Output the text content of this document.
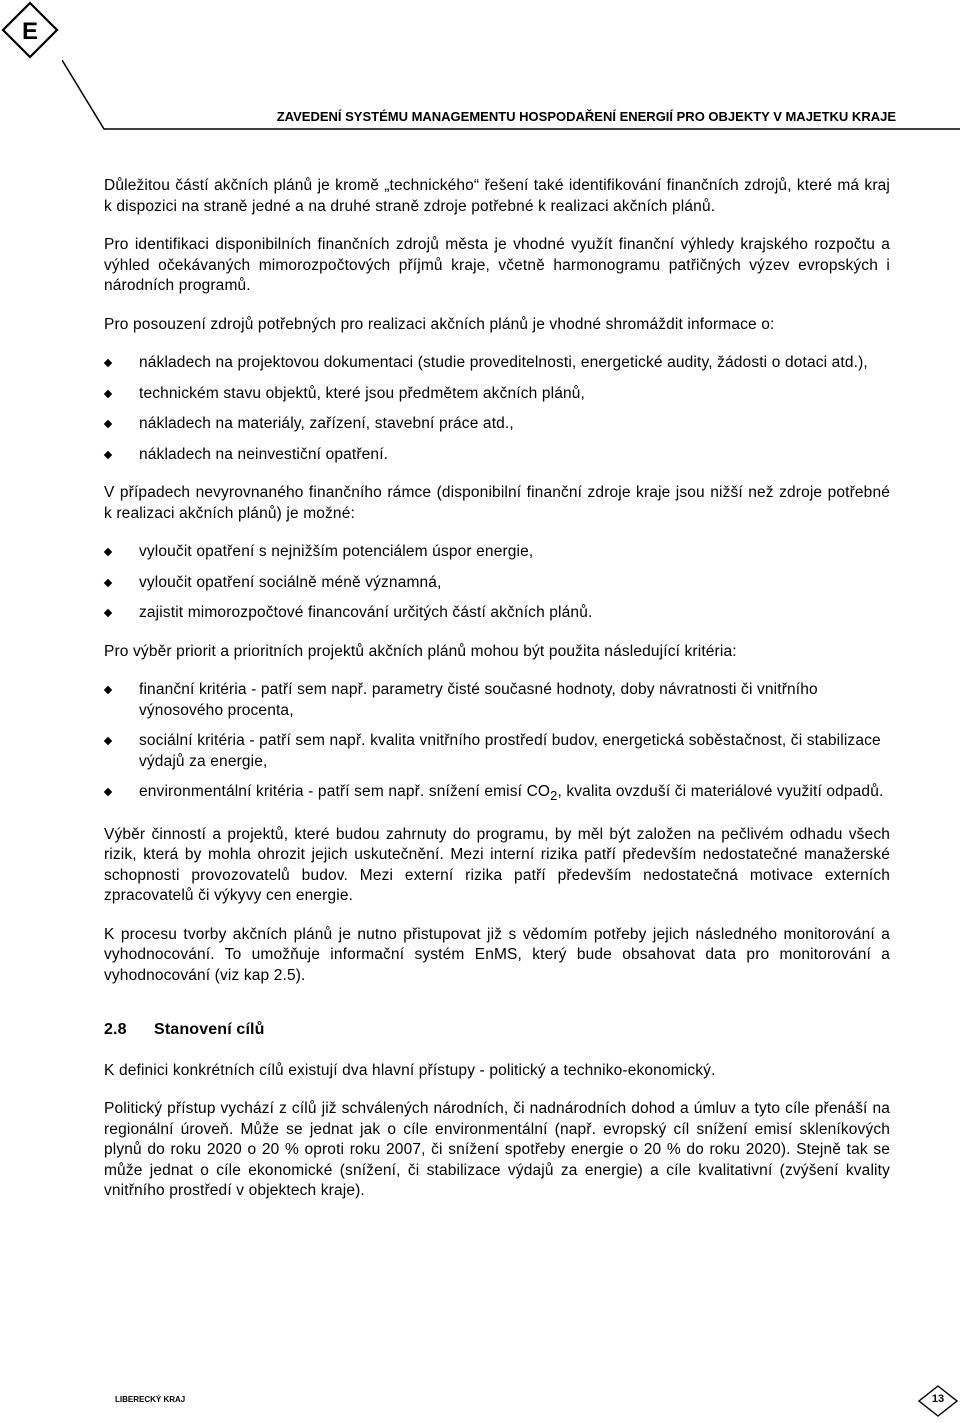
E
ZAVEDENÍ SYSTÉMU MANAGEMENTU HOSPODAŘENÍ ENERGIÍ PRO OBJEKTY V MAJETKU KRAJE

Důležitou částí akčních plánů je kromě „technického“ řešení také identifikování finančních zdrojů, které má kraj k dispozici na straně jedné a na druhé straně zdroje potřebné k realizaci akčních plánů.

Pro identifikaci disponibilních finančních zdrojů města je vhodné využít finanční výhledy krajského rozpočtu a výhled očekávaných mimorozpočtových příjmů kraje, včetně harmonogramu patřičných výzev evropských i národních programů.

Pro posouzení zdrojů potřebných pro realizaci akčních plánů je vhodné shromáždit informace o:

nákladech na projektovou dokumentaci (studie proveditelnosti, energetické audity, žádosti o dotaci atd.),
technickém stavu objektů, které jsou předmětem akčních plánů,
nákladech na materiály, zařízení, stavební práce atd.,
nákladech na neinvestiční opatření.

V případech nevyrovnaného finančního rámce (disponibilní finanční zdroje kraje jsou nižší než zdroje potřebné k realizaci akčních plánů) je možné:

vyloučit opatření s nejnižším potenciálem úspor energie,
vyloučit opatření sociálně méně významná,
zajistit mimorozpočtové financování určitých částí akčních plánů.

Pro výběr priorit a prioritních projektů akčních plánů mohou být použita následující kritéria:

finanční kritéria - patří sem např. parametry čisté současné hodnoty, doby návratnosti či vnitřního výnosového procenta,
sociální kritéria - patří sem např. kvalita vnitřního prostředí budov, energetická soběstačnost, či stabilizace výdajů za energie,
environmentální kritéria - patří sem např. snížení emisí $CO_2$, kvalita ovzduší či materiálové využití odpadů.

Výběr činností a projektů, které budou zahrnuty do programu, by měl být založen na pečlivém odhadu všech rizik, která by mohla ohrozit jejich uskutečnění. Mezi interní rizika patří především nedostatečné manažerské schopnosti provozovatelů budov. Mezi externí rizika patří především nedostatečná motivace externích zpracovatelů či výkyvy cen energie.

K procesu tvorby akčních plánů je nutno přistupovat již s vědomím potřeby jejich následného monitorování a vyhodnocování. To umožňuje informační systém EnMS, který bude obsahovat data pro monitorování a vyhodnocování (viz kap 2.5).

2.8 Stanovení cílů

K definici konkrétních cílů existují dva hlavní přístupy - politický a techniko-ekonomický.

Politický přístup vychází z cílů již schválených národních, či nadnárodních dohod a úmluv a tyto cíle přenáší na regionální úroveň. Může se jednat jak o cíle environmentální (např. evropský cíl snížení emisí skleníkových plynů do roku 2020 o 20 % oproti roku 2007, či snížení spotřeby energie o 20 % do roku 2020). Stejně tak se může jednat o cíle ekonomické (snížení, či stabilizace výdajů za energie) a cíle kvalitativní (zvýšení kvality vnitřního prostředí v objektech kraje).

LIBERECKÝ KRAJ	13
